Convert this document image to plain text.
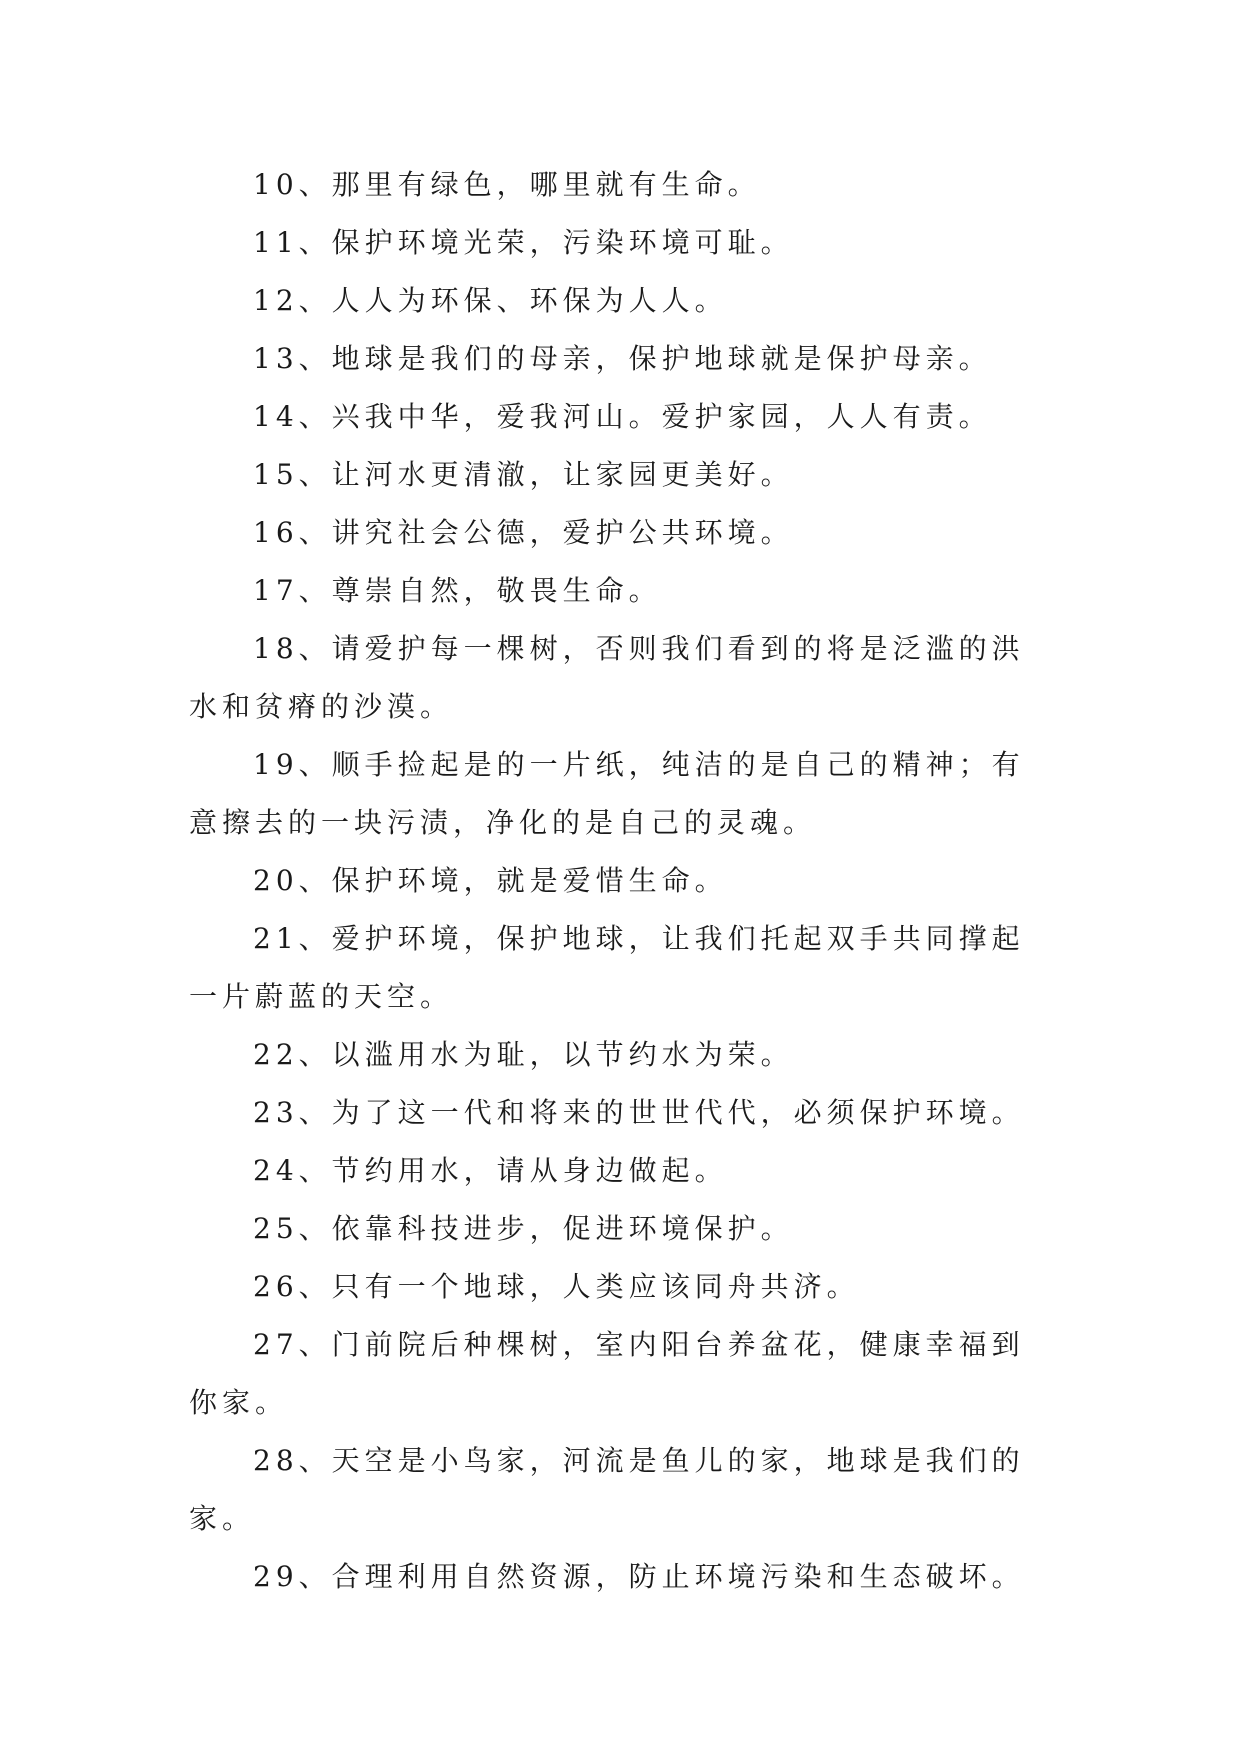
10、那里有绿色，哪里就有生命。

11、保护环境光荣，污染环境可耻。

12、人人为环保、环保为人人。

13、地球是我们的母亲，保护地球就是保护母亲。

14、兴我中华，爱我河山。爱护家园，人人有责。

15、让河水更清澈，让家园更美好。

16、讲究社会公德，爱护公共环境。

17、尊崇自然，敬畏生命。

18、请爱护每一棵树，否则我们看到的将是泛滥的洪水和贫瘠的沙漠。

19、顺手捡起是的一片纸，纯洁的是自己的精神；有意擦去的一块污渍，净化的是自己的灵魂。

20、保护环境，就是爱惜生命。

21、爱护环境，保护地球，让我们托起双手共同撑起一片蔚蓝的天空。

22、以滥用水为耻，以节约水为荣。

23、为了这一代和将来的世世代代，必须保护环境。

24、节约用水，请从身边做起。

25、依靠科技进步，促进环境保护。

26、只有一个地球，人类应该同舟共济。

27、门前院后种棵树，室内阳台养盆花，健康幸福到你家。

28、天空是小鸟家，河流是鱼儿的家，地球是我们的家。

29、合理利用自然资源，防止环境污染和生态破坏。
